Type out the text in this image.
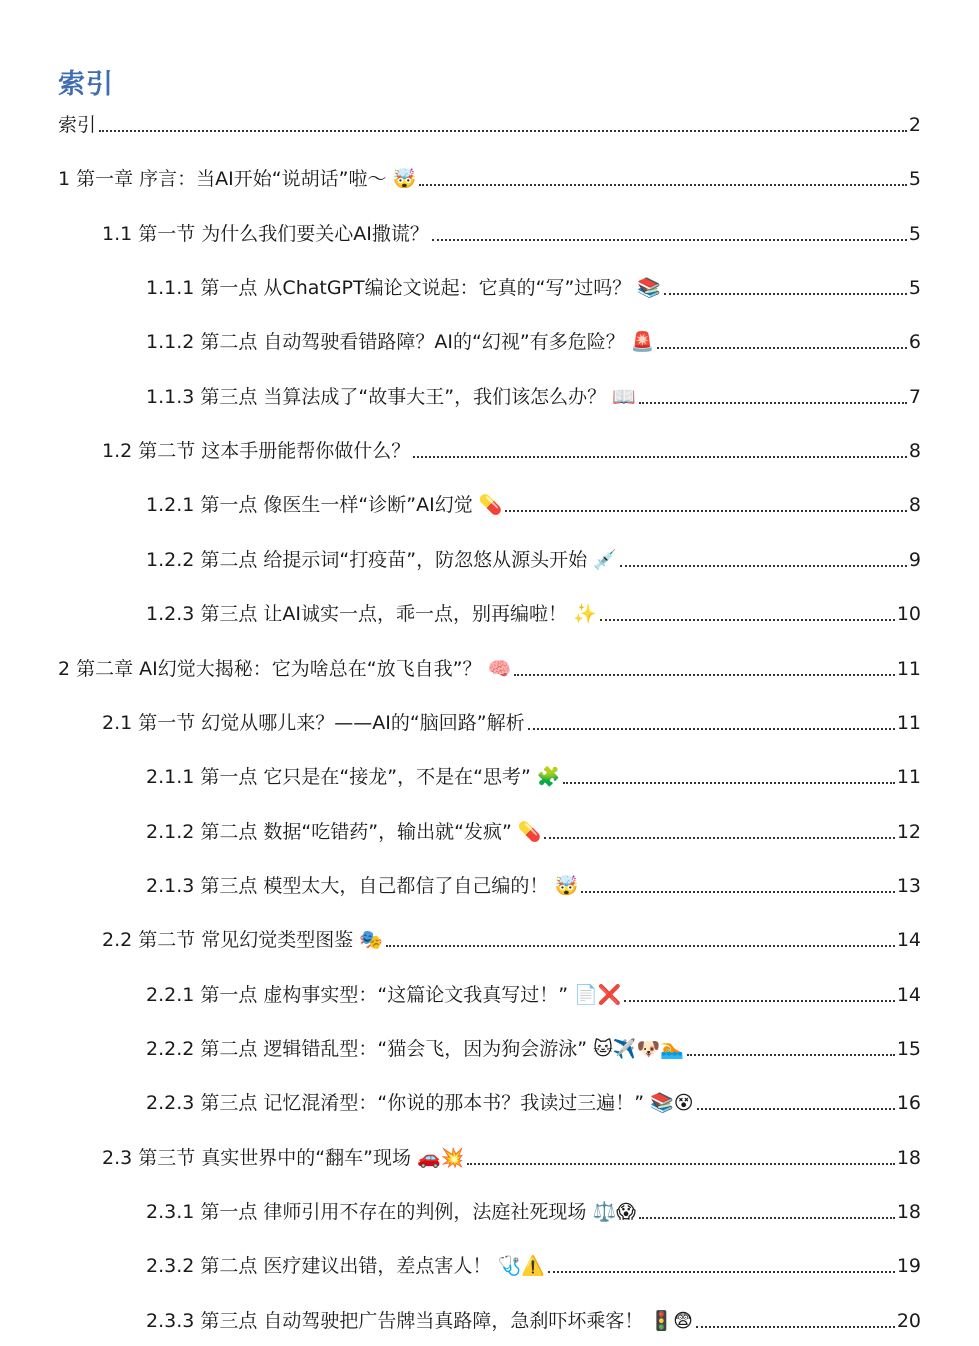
索引
索引	2
1 第一章 序言：当AI开始“说胡话”啦～ 🤯	5
1.1 第一节 为什么我们要关心AI撒谎？	5
1.1.1 第一点 从ChatGPT编论文说起：它真的“写”过吗？ 📚	5
1.1.2 第二点 自动驾驶看错路障？AI的“幻视”有多危险？ 🚨	6
1.1.3 第三点 当算法成了“故事大王”，我们该怎么办？ 📖	7
1.2 第二节 这本手册能帮你做什么？	8
1.2.1 第一点 像医生一样“诊断”AI幻觉 💊	8
1.2.2 第二点 给提示词“打疫苗”，防忽悠从源头开始 💉	9
1.2.3 第三点 让AI诚实一点，乖一点，别再编啦！ ✨	10
2 第二章 AI幻觉大揭秘：它为啥总在“放飞自我”？ 🧠	11
2.1 第一节 幻觉从哪儿来？——AI的“脑回路”解析	11
2.1.1 第一点 它只是在“接龙”，不是在“思考” 🧩	11
2.1.2 第二点 数据“吃错药”，输出就“发疯” 💊	12
2.1.3 第三点 模型太大，自己都信了自己编的！ 🤯	13
2.2 第二节 常见幻觉类型图鉴 🎭	14
2.2.1 第一点 虚构事实型：“这篇论文我真写过！” 📄❌	14
2.2.2 第二点 逻辑错乱型：“猫会飞，因为狗会游泳” 🐱✈️🐶🏊	15
2.2.3 第三点 记忆混淆型：“你说的那本书？我读过三遍！” 📚😵	16
2.3 第三节 真实世界中的“翻车”现场 🚗💥	18
2.3.1 第一点 律师引用不存在的判例，法庭社死现场 ⚖️😱	18
2.3.2 第二点 医疗建议出错，差点害人！ 🩺⚠️	19
2.3.3 第三点 自动驾驶把广告牌当真路障，急刹吓坏乘客！ 🚦😨	20
